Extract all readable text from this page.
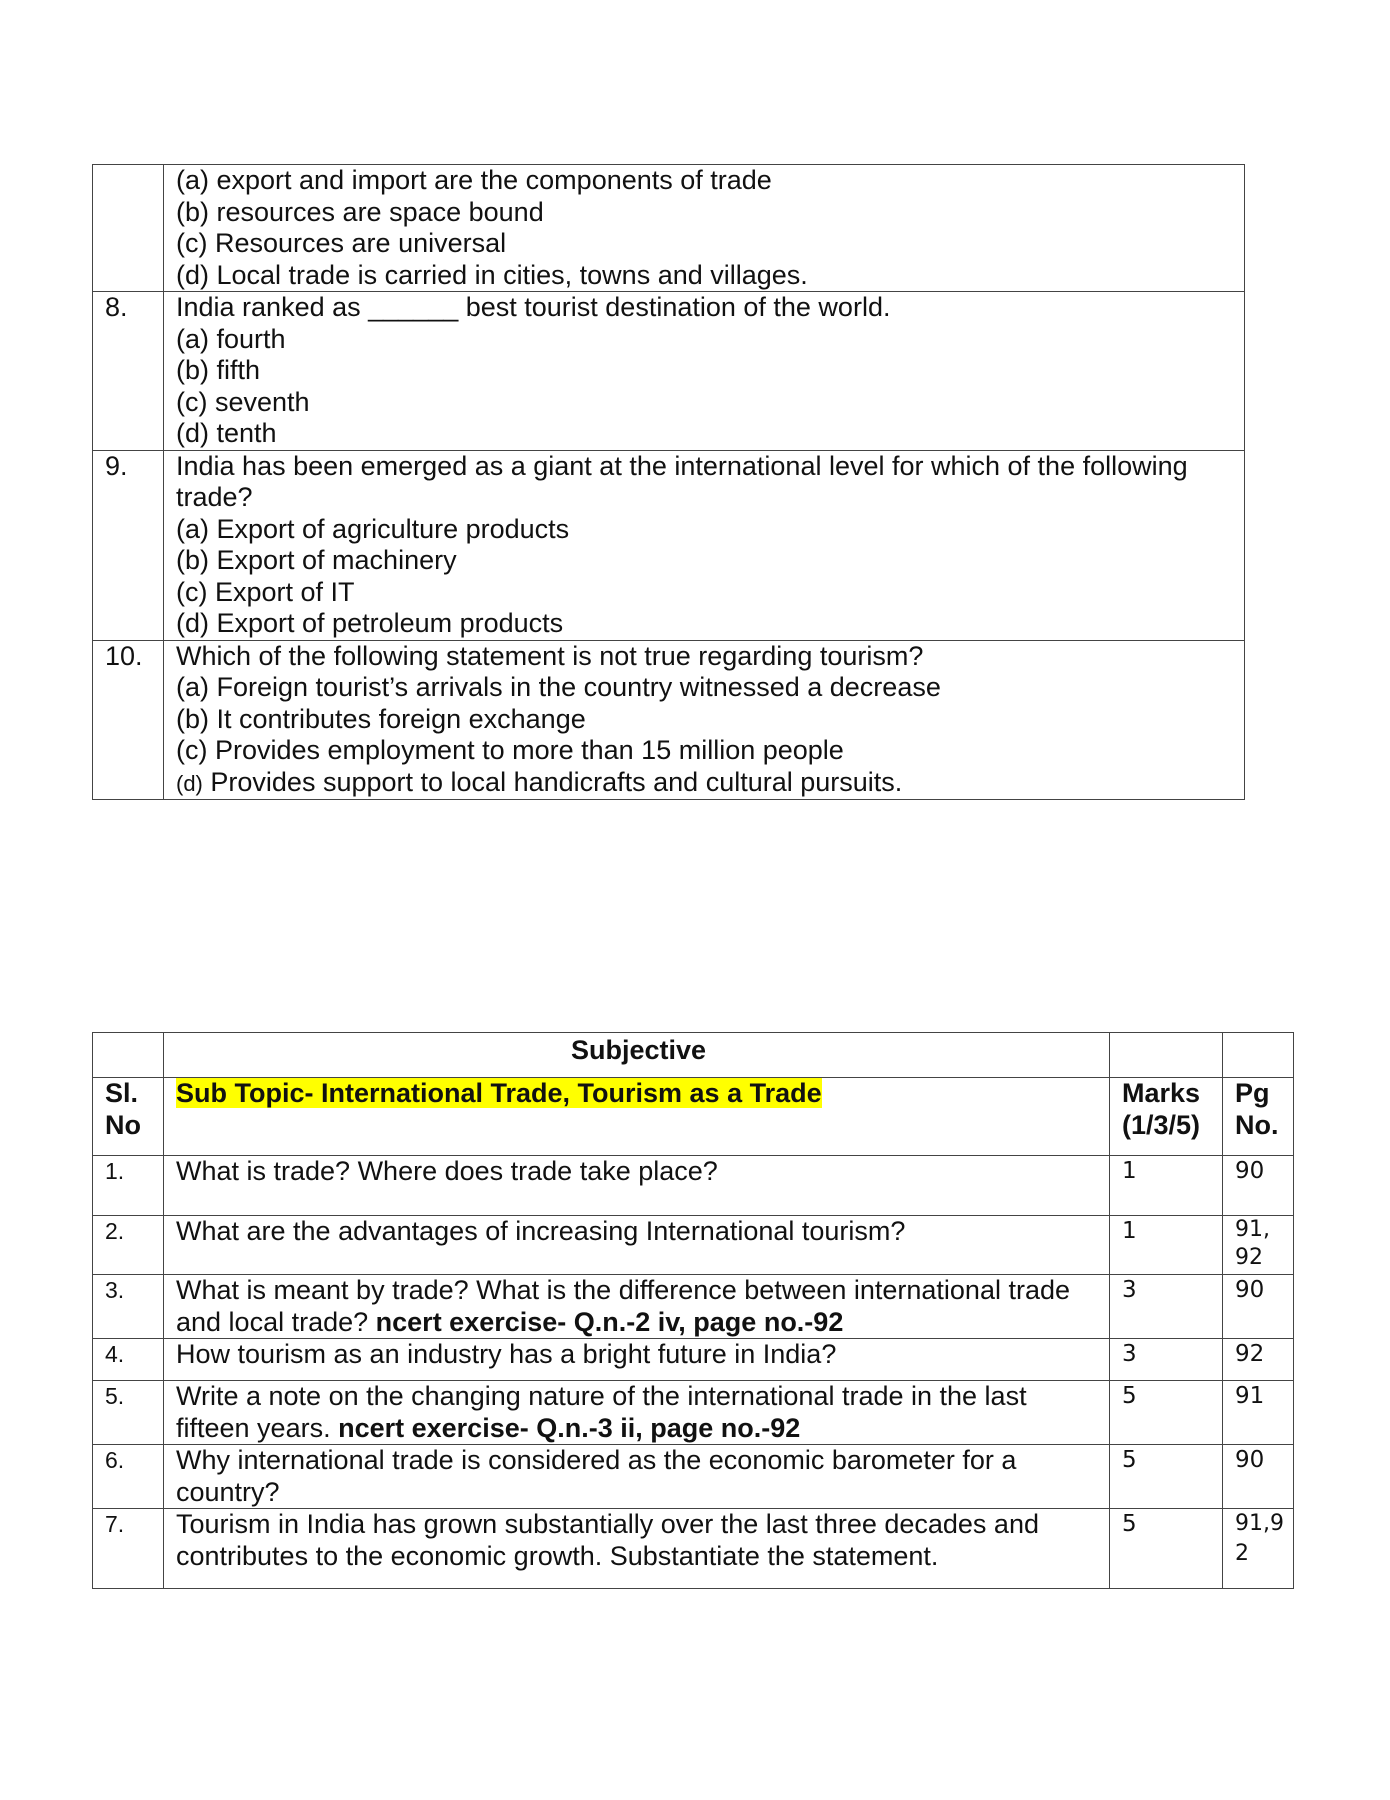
	(a) export and import are the components of trade
(b) resources are space bound
(c) Resources are universal
(d) Local trade is carried in cities, towns and villages.

8.	India ranked as ______ best tourist destination of the world.
(a) fourth
(b) fifth
(c) seventh
(d) tenth

9.	India has been emerged as a giant at the international level for which of the following trade?
(a) Export of agriculture products
(b) Export of machinery
(c) Export of IT
(d) Export of petroleum products

10.	Which of the following statement is not true regarding tourism?
(a) Foreign tourist’s arrivals in the country witnessed a decrease
(b) It contributes foreign exchange
(c) Provides employment to more than 15 million people
(d) Provides support to local handicrafts and cultural pursuits.
	Subjective		
Sl. No	Sub Topic- International Trade, Tourism as a Trade	Marks (1/3/5)	Pg No.
1.	What is trade? Where does trade take place?	1	90
2.	What are the advantages of increasing International tourism?	1	91, 92
3.	What is meant by trade? What is the difference between international trade and local trade? ncert exercise- Q.n.-2 iv, page no.-92	3	90
4.	How tourism as an industry has a bright future in India?	3	92
5.	Write a note on the changing nature of the international trade in the last fifteen years. ncert exercise- Q.n.-3 ii, page no.-92	5	91
6.	Why international trade is considered as the economic barometer for a country?	5	90
7.	Tourism in India has grown substantially over the last three decades and contributes to the economic growth. Substantiate the statement.	5	91,92
